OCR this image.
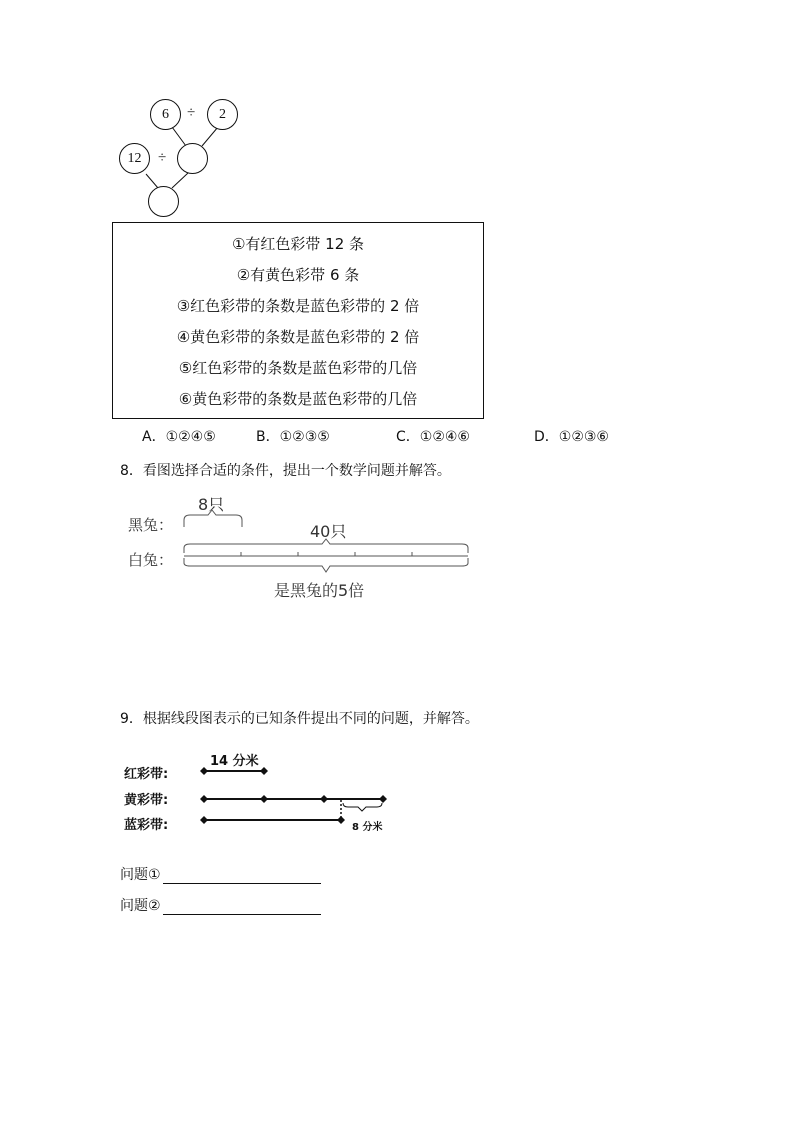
6	÷	2
12	÷
①有红色彩带 12 条
②有黄色彩带 6 条
③红色彩带的条数是蓝色彩带的 2 倍
④黄色彩带的条数是蓝色彩带的 2 倍
⑤红色彩带的条数是蓝色彩带的几倍
⑥黄色彩带的条数是蓝色彩带的几倍
A．①②④⑤	B．①②③⑤	C．①②④⑥	D．①②③⑥
8．看图选择合适的条件，提出一个数学问题并解答。
黑兔：
白兔：
8只
40只
是黑兔的5倍
9．根据线段图表示的已知条件提出不同的问题，并解答。
红彩带:
黄彩带:
蓝彩带:
14 分米
8 分米
问题①
问题②
